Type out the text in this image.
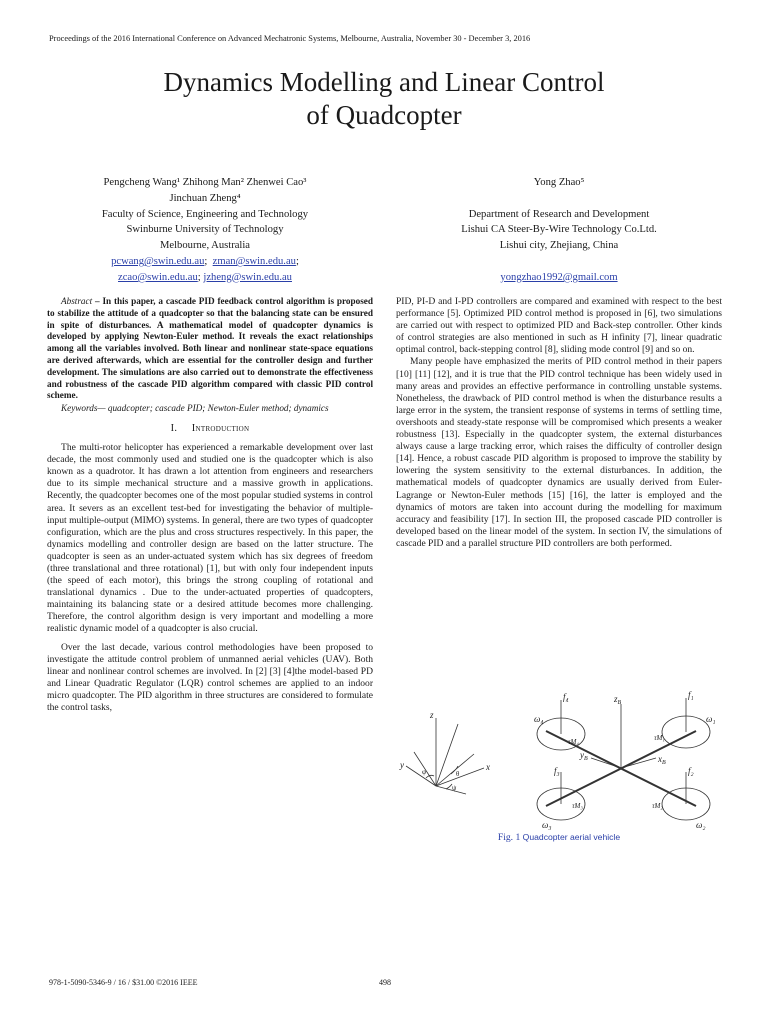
Proceedings of the 2016 International Conference on Advanced Mechatronic Systems, Melbourne, Australia, November 30 - December 3, 2016
Dynamics Modelling and Linear Control
of Quadcopter
Pengcheng Wang¹ Zhihong Man² Zhenwei Cao³
Jinchuan Zheng⁴
Faculty of Science, Engineering and Technology
Swinburne University of Technology
Melbourne, Australia
pcwang@swin.edu.au;  zman@swin.edu.au;
zcao@swin.edu.au; jzheng@swin.edu.au
Yong Zhao⁵
Department of Research and Development
Lishui CA Steer-By-Wire Technology Co.Ltd.
Lishui city, Zhejiang, China
yongzhao1992@gmail.com

Abstract – In this paper, a cascade PID feedback control algorithm is proposed to stabilize the attitude of a quadcopter so that the balancing state can be ensured in spite of disturbances. A mathematical model of quadcopter dynamics is developed by applying Newton-Euler method. It reveals the exact relationships among all the variables involved. Both linear and nonlinear state-space equations are derived afterwards, which are essential for the controller design and further development. The simulations are also carried out to demonstrate the effectiveness and robustness of the cascade PID algorithm compared with classic PID control scheme.

Keywords— quadcopter; cascade PID; Newton-Euler method; dynamics

I. Introduction

The multi-rotor helicopter has experienced a remarkable development over last decade, the most commonly used and studied one is the quadcopter which is also known as a quadrotor. It has drawn a lot attention from engineers and researchers due to its simple mechanical structure and a massive growth in applications. Recently, the quadcopter becomes one of the most popular studied systems in control area. It severs as an excellent test-bed for investigating the behavior of multiple-input multiple-output (MIMO) systems. In general, there are two types of quadcopter configuration, which are the plus and cross structures respectively. In this paper, the dynamics modelling and controller design are based on the latter structure. The quadcopter is seen as an under-actuated system which has six degrees of freedom (three translational and three rotational) [1], but with only four independent inputs (the speed of each motor), this brings the strong coupling of rotational and translational dynamics . Due to the under-actuated properties of quadcopters, maintaining its balancing state or a desired attitude becomes more challenging. Therefore, the control algorithm design is very important and modelling a more realistic dynamic model of a quadcopter is also crucial.

Over the last decade, various control methodologies have been proposed to investigate the attitude control problem of unmanned aerial vehicles (UAV). Both linear and nonlinear control schemes are involved. In [2] [3] [4]the model-based PD and Linear Quadratic Regulator (LQR) control schemes are applied to an indoor micro quadcopter. The PID algorithm in three structures are considered to formulate the control tasks,

PID, PI-D and I-PD controllers are compared and examined with respect to the best performance [5]. Optimized PID control method is proposed in [6], two simulations are carried out with respect to optimized PID and Back-step controller. Other kinds of control strategies are also mentioned in such as H infinity [7], linear quadratic optimal control, back-stepping control [8], sliding mode control [9] and so on.

Many people have emphasized the merits of PID control method in their papers [10] [11] [12], and it is true that the PID control technique has been widely used in many areas and provides an effective performance in controlling unstable systems. Nonetheless, the drawback of PID control method is when the disturbance results a large error in the system, the transient response of systems in terms of settling time, overshoots and steady-state response will be compromised which presents a weaker robustness [13]. Especially in the quadcopter system, the external disturbances always cause a large tracking error, which raises the difficulty of controller design [14]. Hence, a robust cascade PID algorithm is proposed to improve the stability by lowering the system sensitivity to the external disturbances. In addition, the mathematical models of quadcopter dynamics are usually derived from Euler-Lagrange or Newton-Euler methods [15] [16], the latter is employed and the dynamics of motors are taken into account during the modelling for maximum accuracy and feasibility [17]. In section III, the proposed cascade PID controller is developed based on the linear model of the system. In section IV, the simulations of cascade PID and a parallel structure PID controllers are both performed.

z
y	x
φ	θ
ψ
$z_B$
$x_B$
$y_B$
f₄
ω₄
τM₄
f₁
ω₁
τM₁
f₃
ω₃
τM₃
f₂
ω₂
τM₂
Fig. 1 Quadcopter aerial vehicle
978-1-5090-5346-9 / 16 / $31.00 ©2016 IEEE	498
